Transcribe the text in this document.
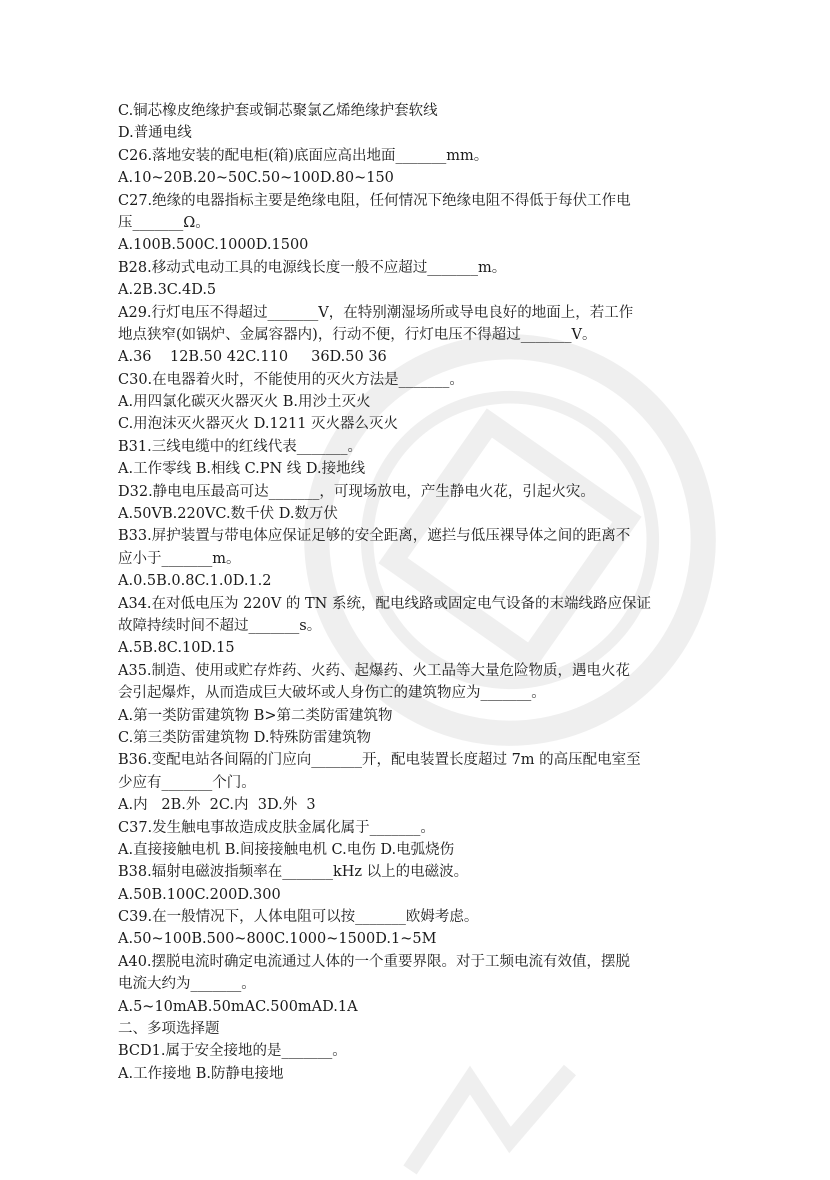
C.铜芯橡皮绝缘护套或铜芯聚氯乙烯绝缘护套软线
D.普通电线
C26.落地安装的配电柜(箱)底面应高出地面_______mm。
A.10~20B.20~50C.50~100D.80~150
C27.绝缘的电器指标主要是绝缘电阻，任何情况下绝缘电阻不得低于每伏工作电
压_______Ω。
A.100B.500C.1000D.1500
B28.移动式电动工具的电源线长度一般不应超过_______m。
A.2B.3C.4D.5
A29.行灯电压不得超过_______V，在特别潮湿场所或导电良好的地面上，若工作
地点狭窄(如锅炉、金属容器内)，行动不便，行灯电压不得超过_______V。
A.36    12B.50 42C.110     36D.50 36
C30.在电器着火时，不能使用的灭火方法是_______。
A.用四氯化碳灭火器灭火 B.用沙土灭火
C.用泡沫灭火器灭火 D.1211 灭火器么灭火
B31.三线电缆中的红线代表_______。
A.工作零线 B.相线 C.PN 线 D.接地线
D32.静电电压最高可达_______，可现场放电，产生静电火花，引起火灾。
A.50VB.220VC.数千伏 D.数万伏
B33.屏护装置与带电体应保证足够的安全距离，遮拦与低压裸导体之间的距离不
应小于_______m。
A.0.5B.0.8C.1.0D.1.2
A34.在对低电压为 220V 的 TN 系统，配电线路或固定电气设备的末端线路应保证
故障持续时间不超过_______s。
A.5B.8C.10D.15
A35.制造、使用或贮存炸药、火药、起爆药、火工品等大量危险物质，遇电火花
会引起爆炸，从而造成巨大破坏或人身伤亡的建筑物应为_______。
A.第一类防雷建筑物 B>第二类防雷建筑物
C.第三类防雷建筑物 D.特殊防雷建筑物
B36.变配电站各间隔的门应向_______开，配电装置长度超过 7m 的高压配电室至
少应有_______个门。
A.内   2B.外  2C.内  3D.外  3
C37.发生触电事故造成皮肤金属化属于_______。
A.直接接触电机 B.间接接触电机 C.电伤 D.电弧烧伤
B38.辐射电磁波指频率在_______kHz 以上的电磁波。
A.50B.100C.200D.300
C39.在一般情况下，人体电阻可以按_______欧姆考虑。
A.50~100B.500~800C.1000~1500D.1~5M
A40.摆脱电流时确定电流通过人体的一个重要界限。对于工频电流有效值，摆脱
电流大约为_______。
A.5~10mAB.50mAC.500mAD.1A
二、多项选择题
BCD1.属于安全接地的是_______。
A.工作接地 B.防静电接地
